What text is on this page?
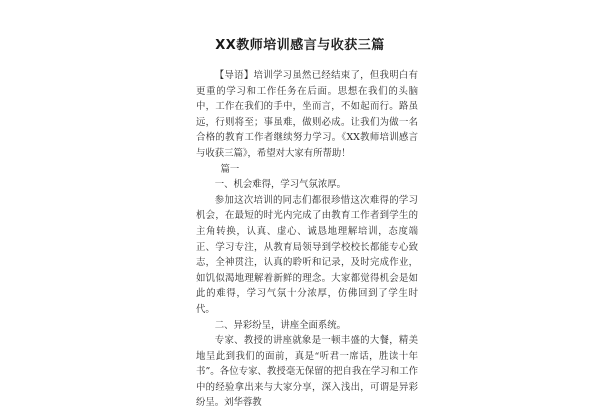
XX教师培训感言与收获三篇

【导语】培训学习虽然已经结束了，但我明白有更重的学习和工作任务在后面。思想在我们的头脑中，工作在我们的手中，坐而言，不如起而行。路虽远，行则将至；事虽难，做则必成。让我们为做一名合格的教育工作者继续努力学习。《XX教师培训感言与收获三篇》，希望对大家有所帮助！

篇一

一、机会难得，学习气氛浓厚。

参加这次培训的同志们都很珍惜这次难得的学习机会，在最短的时光内完成了由教育工作者到学生的主角转换，认真、虚心、诚恳地理解培训，态度端正、学习专注，从教育局领导到学校校长都能专心致志，全神贯注，认真的聆听和记录，及时完成作业，如饥似渴地理解着新鲜的理念。大家都觉得机会是如此的难得，学习气氛十分浓厚，仿佛回到了学生时代。

二、异彩纷呈，讲座全面系统。

专家、教授的讲座就象是一顿丰盛的大餐，精美地呈此到我们的面前，真是“听君一席话，胜读十年书”。各位专家、教授毫无保留的把自我在学习和工作中的经验拿出来与大家分享，深入浅出，可谓是异彩纷呈。刘华蓉教
